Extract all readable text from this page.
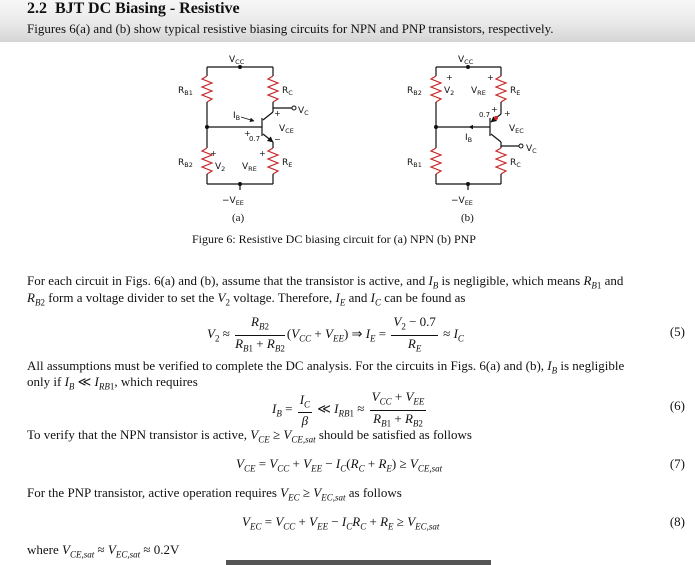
2.2 BJT DC Biasing - Resistive
Figures 6(a) and (b) show typical resistive biasing circuits for NPN and PNP transistors, respectively.
$V_{CC}$
$R_{B1}$
$R_{B2}$
$R_C$
$R_E$
$V_C$
$I_B$
$V_{CE}$
$V_2$ $V_{RE}$
0.7
+
−
+
+	+
$-V_{EE}$
(a)
$V_{CC}$
$R_{B2}$
$R_{B1}$
$R_E$
$R_C$
$V_2$ $V_{RE}$
$V_{EC}$
$V_C$
$I_B$
0.7
+ +
+	+
$-V_{EE}$
(b)
Figure 6: Resistive DC biasing circuit for (a) NPN (b) PNP
For each circuit in Figs. 6(a) and (b), assume that the transistor is active, and $I_B$ is negligible, which means $R_{B1}$ and
$R_{B2}$ form a voltage divider to set the $V_2$ voltage. Therefore, $I_E$ and $I_C$ can be found as
$V_2 \approx \frac{R_{B2}}{R_{B1} + R_{B2}} (V_{CC} + V_{EE})$ ⇒ $I_E = \frac{V_2 - 0.7}{R_E} \approx I_C$	(5)
All assumptions must be verified to complete the DC analysis. For the circuits in Figs. 6(a) and (b), $I_B$ is negligible
only if $I_B$ ≪ $I_{RB1}$, which requires
$I_B = \frac{I_C}{\beta}$ ≪ $I_{RB1} \approx \frac{V_{CC} + V_{EE}}{R_{B1} + R_{B2}}$	(6)
To verify that the NPN transistor is active, $V_{CE} \ge V_{CE,sat}$ should be satisfied as follows
$V_{CE} = V_{CC} + V_{EE} - I_C(R_C + R_E) \ge V_{CE,sat}$	(7)
For the PNP transistor, active operation requires $V_{EC} \ge V_{EC,sat}$ as follows
$V_{EC} = V_{CC} + V_{EE} - I_CR_C + R_E \ge V_{EC,sat}$	(8)
where $V_{CE,sat} \approx V_{EC,sat} \approx 0.2V$
